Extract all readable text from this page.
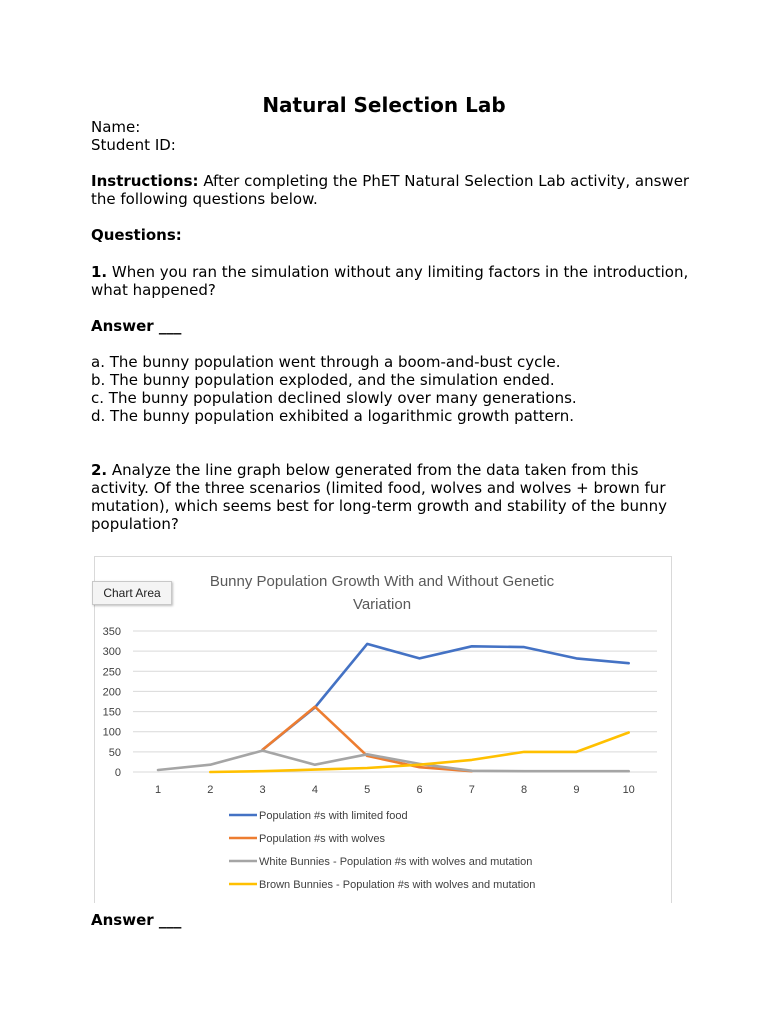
Natural Selection Lab
Name:
Student ID:
Instructions: After completing the PhET Natural Selection Lab activity, answer the following questions below.
Questions:
1. When you ran the simulation without any limiting factors in the introduction, what happened?
Answer ___
a. The bunny population went through a boom-and-bust cycle.
b. The bunny population exploded, and the simulation ended.
c. The bunny population declined slowly over many generations.
d. The bunny population exhibited a logarithmic growth pattern.
2. Analyze the line graph below generated from the data taken from this activity. Of the three scenarios (limited food, wolves and wolves + brown fur mutation), which seems best for long-term growth and stability of the bunny population?
Answer ___
Bunny Population Growth With and Without Genetic
Variation
0
50
100
150
200
250
300
350
1	2	3	4	5	6	7	8	9	10
Population #s with limited food
Population #s with wolves
White Bunnies - Population #s with wolves and mutation
Brown Bunnies - Population #s with wolves and mutation
Chart Area
